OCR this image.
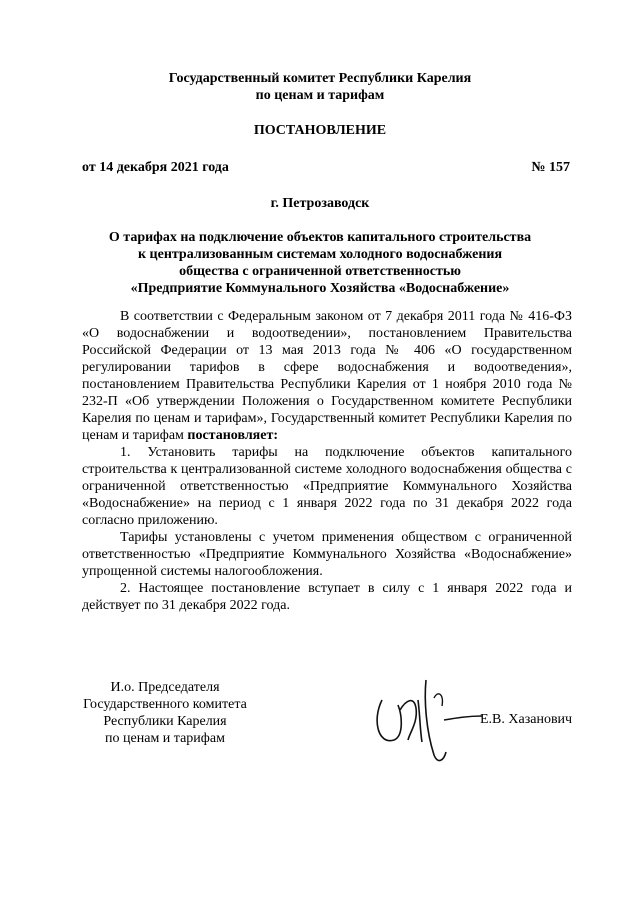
Государственный комитет Республики Карелия
по ценам и тарифам
ПОСТАНОВЛЕНИЕ
от 14 декабря 2021 года	№ 157
г. Петрозаводск
О тарифах на подключение объектов капитального строительства
к централизованным системам холодного водоснабжения
общества с ограниченной ответственностью
«Предприятие Коммунального Хозяйства «Водоснабжение»

В соответствии с Федеральным законом от 7 декабря 2011 года № 416-ФЗ «О водоснабжении и водоотведении», постановлением Правительства Российской Федерации от 13 мая 2013 года № 406 «О государственном регулировании тарифов в сфере водоснабжения и водоотведения», постановлением Правительства Республики Карелия от 1 ноября 2010 года № 232-П «Об утверждении Положения о Государственном комитете Республики Карелия по ценам и тарифам», Государственный комитет Республики Карелия по ценам и тарифам постановляет:

1. Установить тарифы на подключение объектов капитального строительства к централизованной системе холодного водоснабжения общества с ограниченной ответственностью «Предприятие Коммунального Хозяйства «Водоснабжение» на период с 1 января 2022 года по 31 декабря 2022 года согласно приложению.

Тарифы установлены с учетом применения обществом с ограниченной ответственностью «Предприятие Коммунального Хозяйства «Водоснабжение» упрощенной системы налогообложения.

2. Настоящее постановление вступает в силу с 1 января 2022 года и действует по 31 декабря 2022 года.

И.о. Председателя
Государственного комитета
Республики Карелия
по ценам и тарифам
Е.В. Хазанович
